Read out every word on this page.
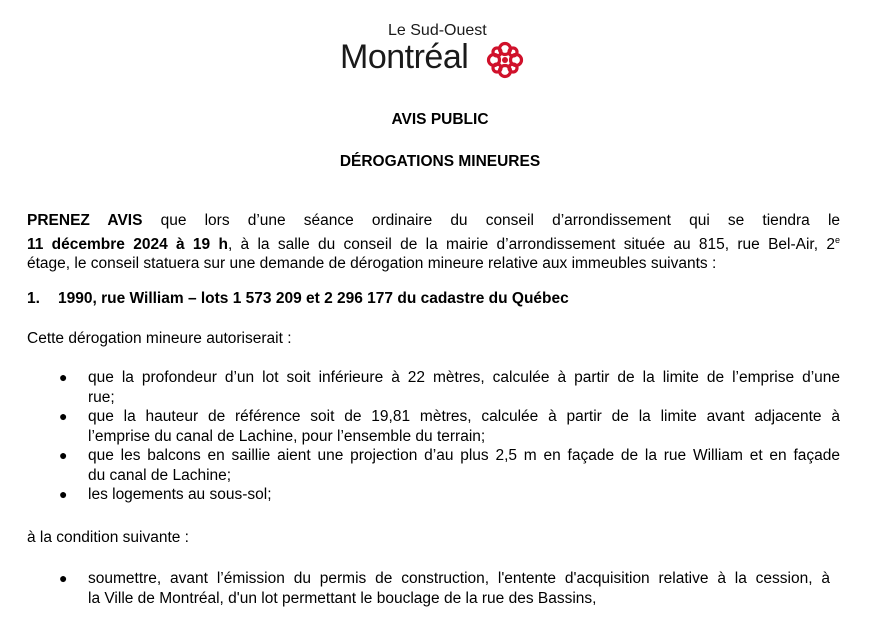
Le Sud-Ouest
Montréal
AVIS PUBLIC
DÉROGATIONS MINEURES
PRENEZ AVIS que lors d’une séance ordinaire du conseil d’arrondissement qui se tiendra le
11 décembre 2024 à 19 h, à la salle du conseil de la mairie d’arrondissement située au 815, rue Bel-Air, 2e
étage, le conseil statuera sur une demande de dérogation mineure relative aux immeubles suivants :
1. 1990, rue William – lots 1 573 209 et 2 296 177 du cadastre du Québec
Cette dérogation mineure autoriserait :
● que la profondeur d’un lot soit inférieure à 22 mètres, calculée à partir de la limite de l’emprise d’une
rue;
● que la hauteur de référence soit de 19,81 mètres, calculée à partir de la limite avant adjacente à
l’emprise du canal de Lachine, pour l’ensemble du terrain;
● que les balcons en saillie aient une projection d’au plus 2,5 m en façade de la rue William et en façade
du canal de Lachine;
● les logements au sous-sol;
à la condition suivante :
● soumettre, avant l’émission du permis de construction, l'entente d'acquisition relative à la cession, à
la Ville de Montréal, d'un lot permettant le bouclage de la rue des Bassins,
